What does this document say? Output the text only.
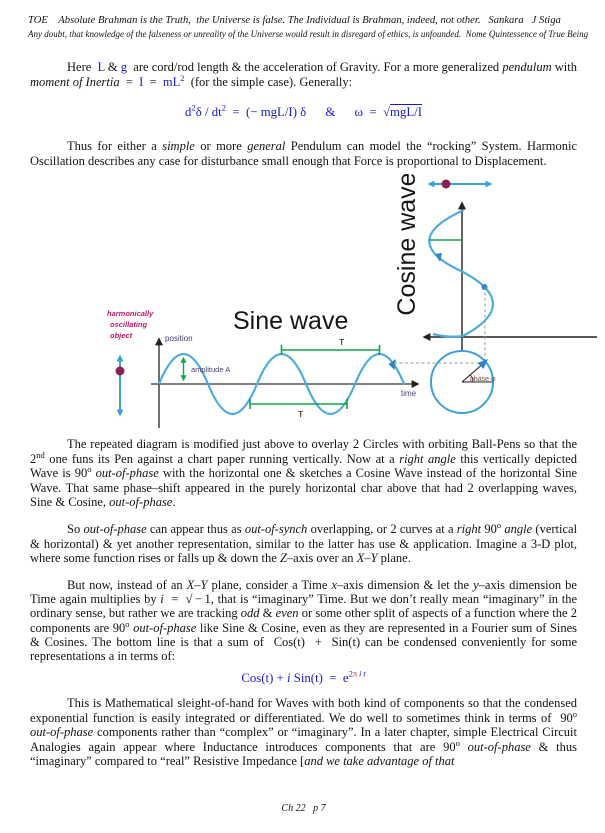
TOE    Absolute Brahman is the Truth,  the Universe is false. The Individual is Brahman, indeed, not other.   Sankara   J Stiga
Any doubt, that knowledge of the falseness or unreality of the Universe would result in disregard of ethics, is unfounded.  Nome Quintessence of True Being
Here  L & g  are cord/rod length & the acceleration of Gravity. For a more generalized pendulum with moment of Inertia  =  $I = mL^2$  (for the simple case). Generally:
$d^2\delta / dt^2$  =  (− mgL/I) δ      &      ω  =  √mgL/I
Thus for either a simple or more general Pendulum can model the “rocking” System. Harmonic Oscillation describes any case for disturbance small enough that Force is proportional to Displacement.
harmonically
oscillating
object
Sine wave
position
time
amplitude A
T
T
Cosine wave
phase φ
The repeated diagram is modified just above to overlay 2 Circles with orbiting Ball-Pens so that the 2nd one funs its Pen against a chart paper running vertically. Now at a right angle this vertically depicted Wave is 90$^o$ out-of-phase with the horizontal one & sketches a Cosine Wave instead of the horizontal Sine Wave. That same phase–shift appeared in the purely horizontal char above that had 2 overlapping waves, Sine & Cosine, out-of-phase.
So out-of-phase can appear thus as out-of-synch overlapping, or 2 curves at a right 90$^o$ angle (vertical & horizontal) & yet another representation, similar to the latter has use & application. Imagine a 3-D plot, where some function rises or falls up & down the Z–axis over an X–Y plane.
But now, instead of an X–Y plane, consider a Time x–axis dimension & let the y–axis dimension be Time again multiplies by i  =  √ − 1, that is “imaginary” Time. But we don’t really mean “imaginary” in the ordinary sense, but rather we are tracking odd & even or some other split of aspects of a function where the 2 components are 90$^o$ out-of-phase like Sine & Cosine, even as they are represented in a Fourier sum of Sines & Cosines. The bottom line is that a sum of  Cos(t)  +  Sin(t) can be condensed conveniently for some representations a in terms of:
Cos(t) + i $Sin(t) = e^{2\pi}$ $^{i t}$
This is Mathematical sleight-of-hand for Waves with both kind of components so that the condensed exponential function is easily integrated or differentiated. We do well to sometimes think in terms of  90$^o$ out-of-phase components rather than “complex” or “imaginary”. In a later chapter, simple Electrical Circuit Analogies again appear where Inductance introduces components that are 90$^o$ out-of-phase & thus “imaginary” compared to “real” Resistive Impedance [and we take advantage of that
Ch 22   p 7
